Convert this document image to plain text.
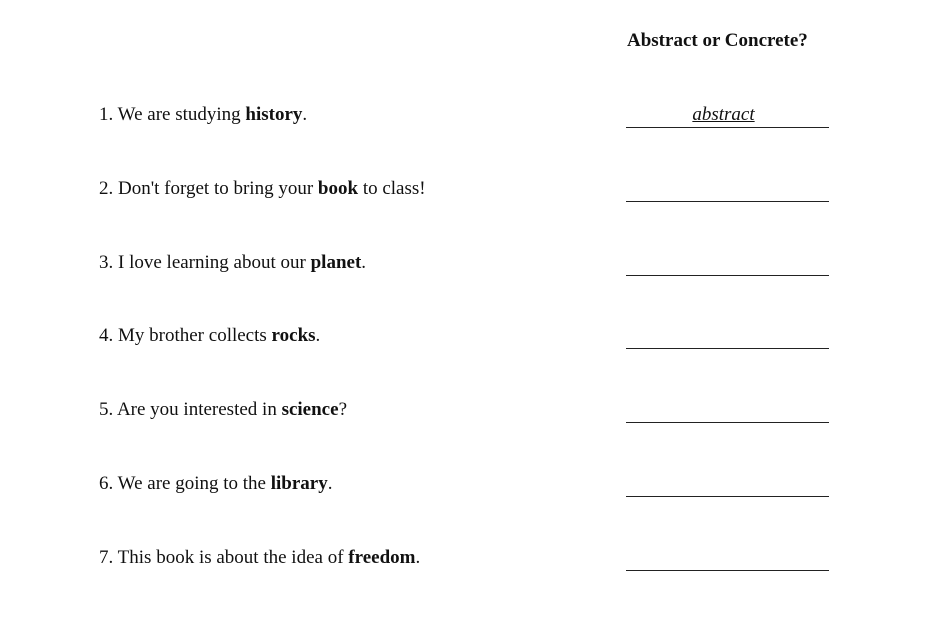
Abstract or Concrete?
1. We are studying history.	abstract
2. Don't forget to bring your book to class!
3. I love learning about our planet.
4. My brother collects rocks.
5. Are you interested in science?
6. We are going to the library.
7. This book is about the idea of freedom.
